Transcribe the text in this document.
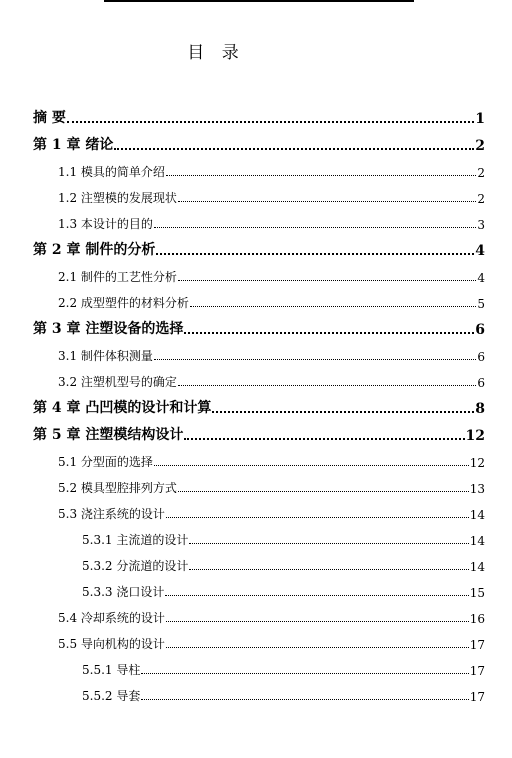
目 录
摘 要	1
第 1 章 绪论	2
1.1 模具的简单介绍	2
1.2 注塑模的发展现状	2
1.3 本设计的目的	3
第 2 章 制件的分析	4
2.1 制件的工艺性分析	4
2.2 成型塑件的材料分析	5
第 3 章 注塑设备的选择	6
3.1 制件体积测量	6
3.2 注塑机型号的确定	6
第 4 章 凸凹模的设计和计算	8
第 5 章 注塑模结构设计	12
5.1 分型面的选择	12
5.2 模具型腔排列方式	13
5.3 浇注系统的设计	14
5.3.1 主流道的设计	14
5.3.2 分流道的设计	14
5.3.3 浇口设计	15
5.4 冷却系统的设计	16
5.5 导向机构的设计	17
5.5.1 导柱	17
5.5.2 导套	17
